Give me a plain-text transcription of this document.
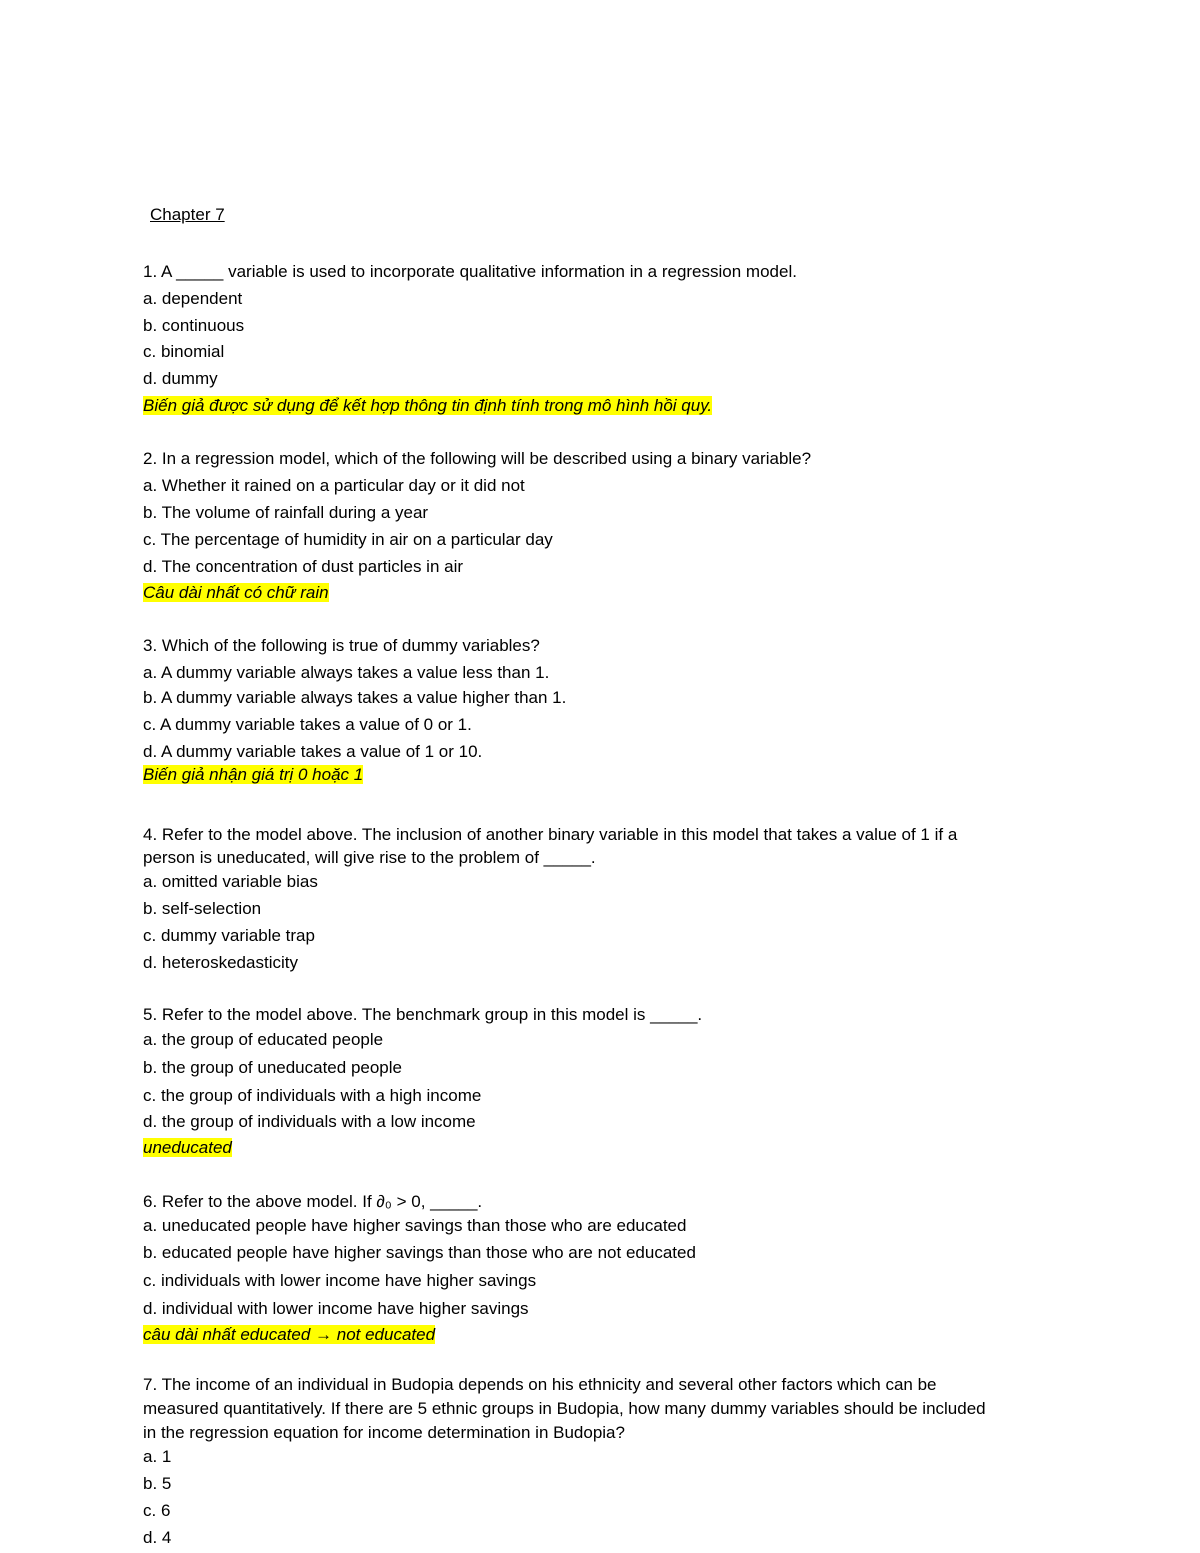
Chapter 7
1. A _____ variable is used to incorporate qualitative information in a regression model.
a. dependent
b. continuous
c. binomial
d. dummy
Biến giả được sử dụng để kết hợp thông tin định tính trong mô hình hồi quy.
2. In a regression model, which of the following will be described using a binary variable?
a. Whether it rained on a particular day or it did not
b. The volume of rainfall during a year
c. The percentage of humidity in air on a particular day
d. The concentration of dust particles in air
Câu dài nhất có chữ rain
3. Which of the following is true of dummy variables?
a. A dummy variable always takes a value less than 1.
b. A dummy variable always takes a value higher than 1.
c. A dummy variable takes a value of 0 or 1.
d. A dummy variable takes a value of 1 or 10.
Biến giả nhận giá trị 0 hoặc 1
4. Refer to the model above. The inclusion of another binary variable in this model that takes a value of 1 if a
person is uneducated, will give rise to the problem of _____.
a. omitted variable bias
b. self-selection
c. dummy variable trap
d. heteroskedasticity
5. Refer to the model above. The benchmark group in this model is _____.
a. the group of educated people
b. the group of uneducated people
c. the group of individuals with a high income
d. the group of individuals with a low income
uneducated
6. Refer to the above model. If ∂₀ > 0, _____.
a. uneducated people have higher savings than those who are educated
b. educated people have higher savings than those who are not educated
c. individuals with lower income have higher savings
d. individual with lower income have higher savings
câu dài nhất educated → not educated
7. The income of an individual in Budopia depends on his ethnicity and several other factors which can be
measured quantitatively. If there are 5 ethnic groups in Budopia, how many dummy variables should be included
in the regression equation for income determination in Budopia?
a. 1
b. 5
c. 6
d. 4
